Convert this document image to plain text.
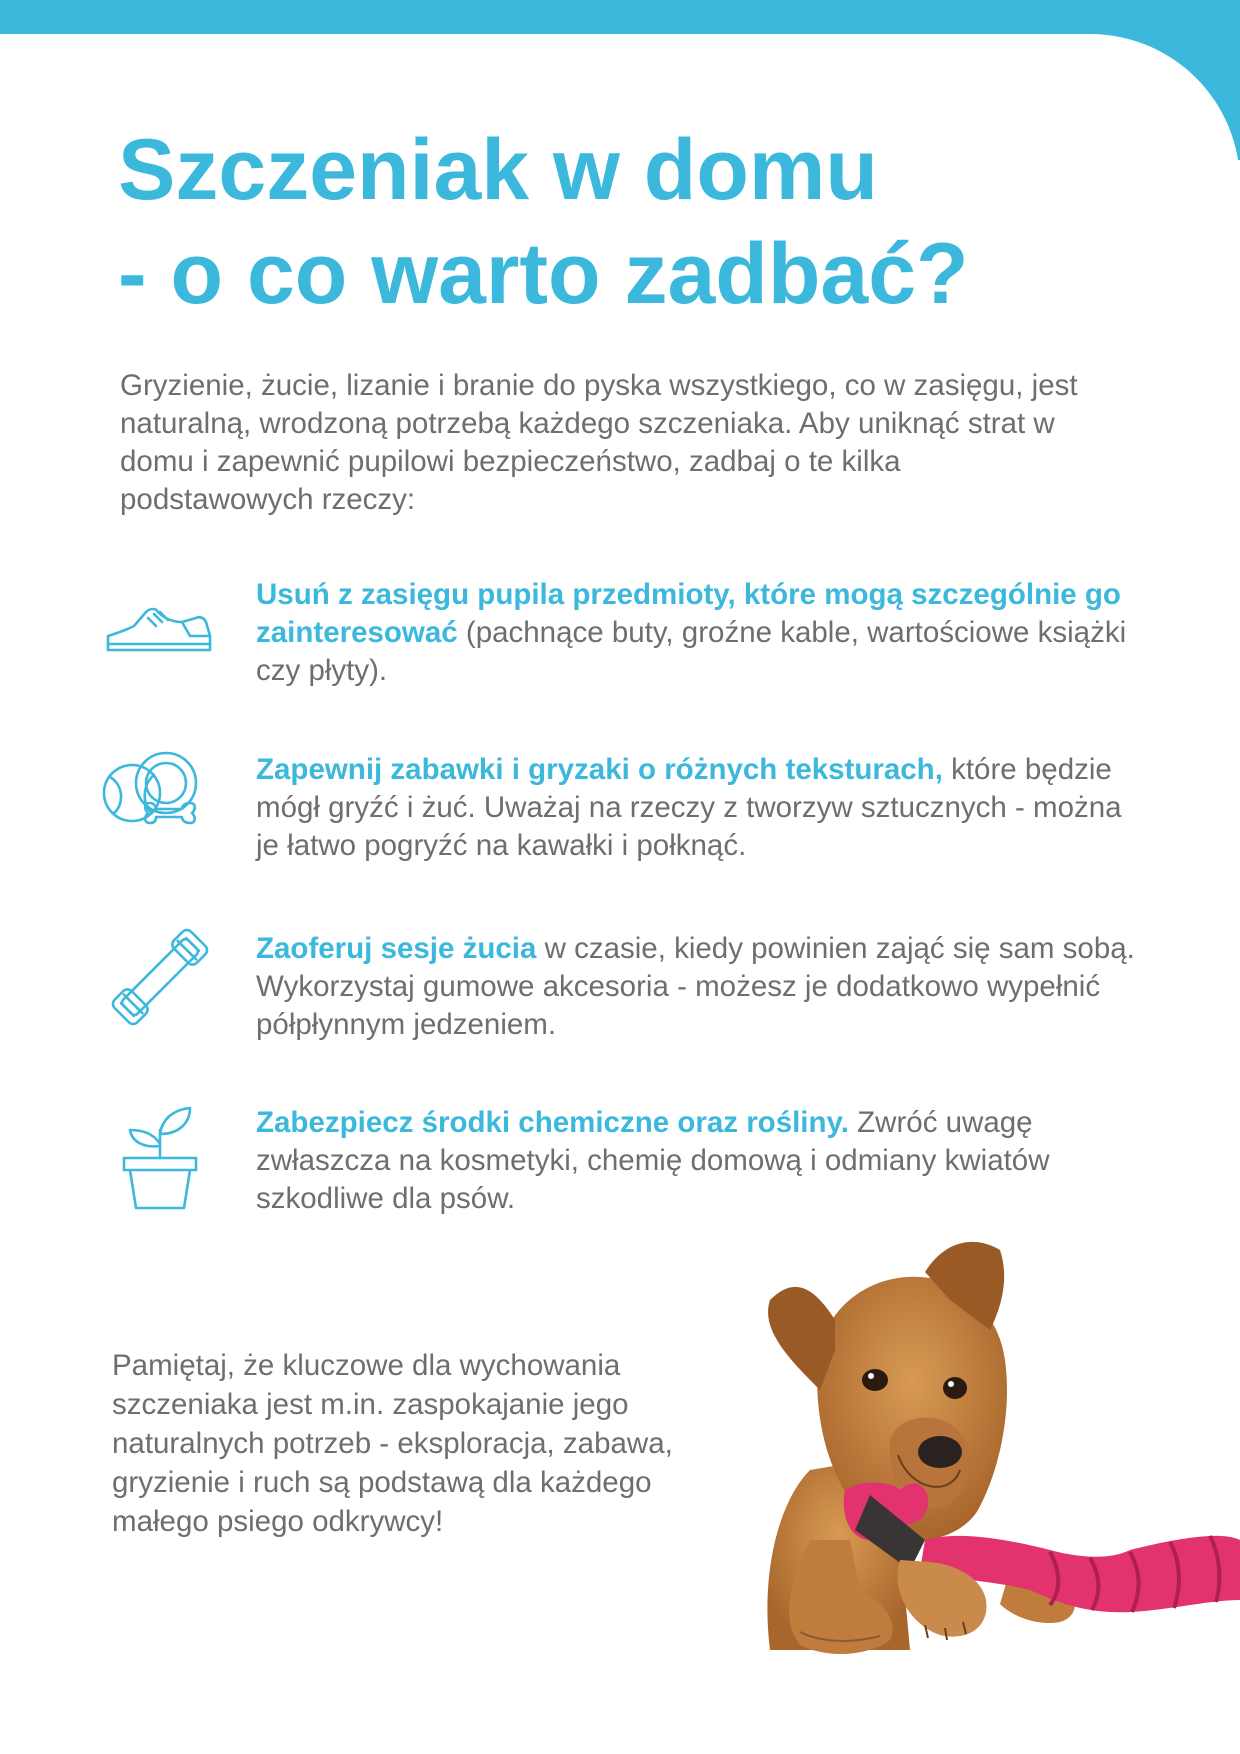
Szczeniak w domu
- o co warto zadbać?

Gryzienie, żucie, lizanie i branie do pyska wszystkiego, co w zasięgu, jest naturalną, wrodzoną potrzebą każdego szczeniaka. Aby uniknąć strat w domu i zapewnić pupilowi bezpieczeństwo, zadbaj o te kilka podstawowych rzeczy:

Usuń z zasięgu pupila przedmioty, które mogą szczególnie go zainteresować (pachnące buty, groźne kable, wartościowe książki czy płyty).

Zapewnij zabawki i gryzaki o różnych teksturach, które będzie mógł gryźć i żuć. Uważaj na rzeczy z tworzyw sztucznych - można je łatwo pogryźć na kawałki i połknąć.

Zaoferuj sesje żucia w czasie, kiedy powinien zająć się sam sobą. Wykorzystaj gumowe akcesoria - możesz je dodatkowo wypełnić półpłynnym jedzeniem.

Zabezpiecz środki chemiczne oraz rośliny. Zwróć uwagę zwłaszcza na kosmetyki, chemię domową i odmiany kwiatów szkodliwe dla psów.

Pamiętaj, że kluczowe dla wychowania szczeniaka jest m.in. zaspokajanie jego naturalnych potrzeb - eksploracja, zabawa, gryzienie i ruch są podstawą dla każdego małego psiego odkrywcy!
